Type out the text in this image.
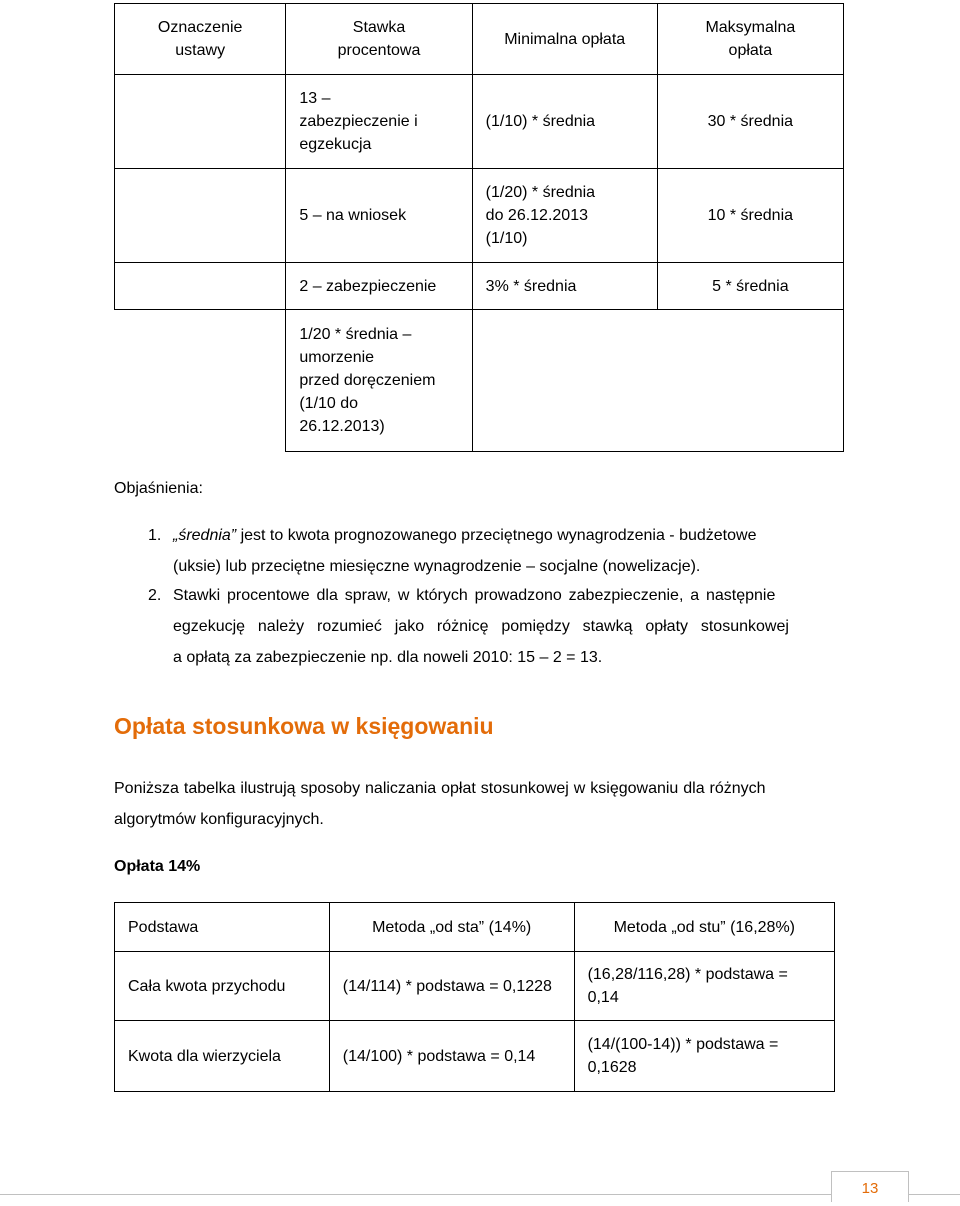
Oznaczenie ustawy	Stawka procentowa	Minimalna opłata	Maksymalna opłata

	13 –
zabezpieczenie i
egzekucja	(1/10) * średnia	30 * średnia

	5 – na wniosek	(1/20) * średnia
do 26.12.2013
(1/10)	10 * średnia

	2 – zabezpieczenie	3% * średnia	5 * średnia

	1/20 * średnia –
umorzenie
przed doręczeniem
(1/10 do
26.12.2013)		

Objaśnienia:
1. „średnia” jest to kwota prognozowanego przeciętnego wynagrodzenia - budżetowe
(uksie) lub przeciętne miesięczne wynagrodzenie – socjalne (nowelizacje).
2. Stawki procentowe dla spraw, w których prowadzono zabezpieczenie, a następnie
egzekucję należy rozumieć jako różnicę pomiędzy stawką opłaty stosunkowej
a opłatą za zabezpieczenie np. dla noweli 2010: 15 – 2 = 13.
Opłata stosunkowa w księgowaniu
Poniższa tabelka ilustrują sposoby naliczania opłat stosunkowej w księgowaniu dla różnych
algorytmów konfiguracyjnych.
Opłata 14%
Podstawa	Metoda „od sta” (14%)	Metoda „od stu” (16,28%)
Cała kwota przychodu	(14/114) * podstawa = 0,1228	(16,28/116,28) * podstawa =
0,14

Kwota dla wierzyciela	(14/100) * podstawa = 0,14	(14/(100-14)) * podstawa =
0,1628
13
